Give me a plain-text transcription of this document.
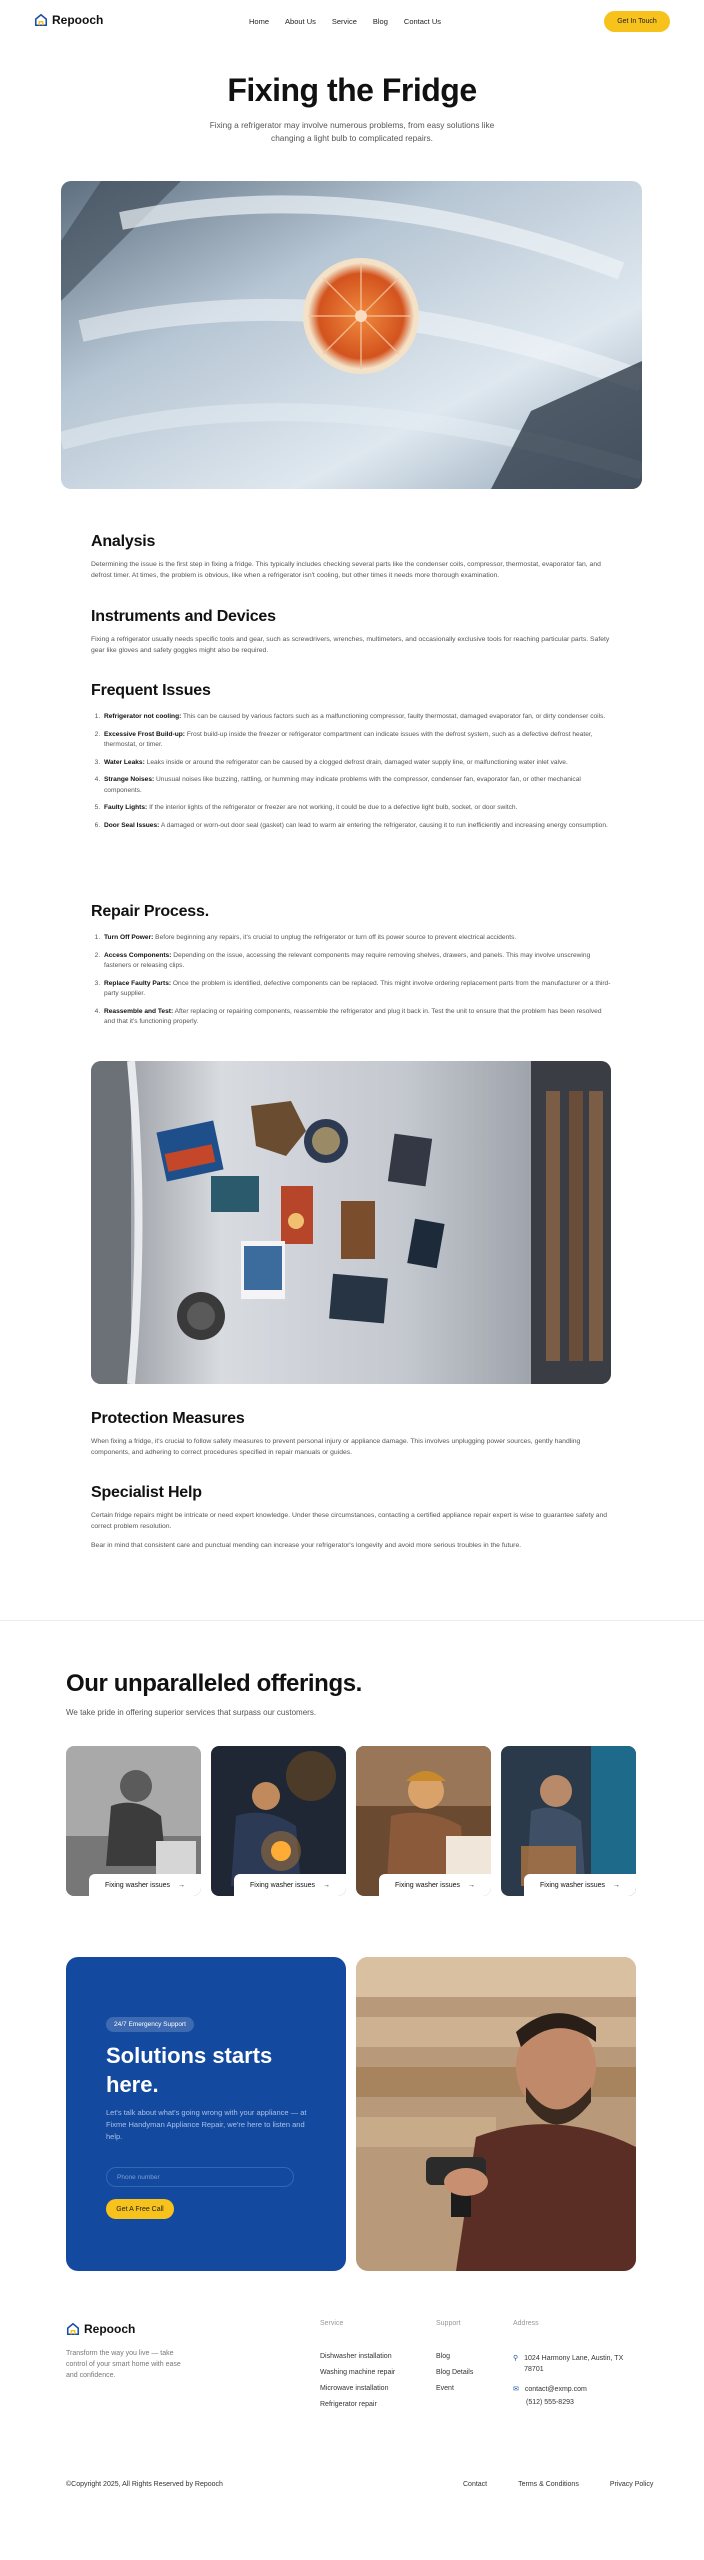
Repooch	Home About Us Service Blog Contact Us	Get In Touch
Fixing the Fridge

Fixing a refrigerator may involve numerous problems, from easy solutions like changing a light bulb to complicated repairs.

Analysis

Determining the issue is the first step in fixing a fridge. This typically includes checking several parts like the condenser coils, compressor, thermostat, evaporator fan, and defrost timer. At times, the problem is obvious, like when a refrigerator isn't cooling, but other times it needs more thorough examination.

Instruments and Devices

Fixing a refrigerator usually needs specific tools and gear, such as screwdrivers, wrenches, multimeters, and occasionally exclusive tools for reaching particular parts. Safety gear like gloves and safety goggles might also be required.

Frequent Issues
1. Refrigerator not cooling: This can be caused by various factors such as a malfunctioning compressor, faulty thermostat, damaged evaporator fan, or dirty condenser coils.
2. Excessive Frost Build-up: Frost build-up inside the freezer or refrigerator compartment can indicate issues with the defrost system, such as a defective defrost heater, thermostat, or timer.
3. Water Leaks: Leaks inside or around the refrigerator can be caused by a clogged defrost drain, damaged water supply line, or malfunctioning water inlet valve.
4. Strange Noises: Unusual noises like buzzing, rattling, or humming may indicate problems with the compressor, condenser fan, evaporator fan, or other mechanical components.
5. Faulty Lights: If the interior lights of the refrigerator or freezer are not working, it could be due to a defective light bulb, socket, or door switch.
6. Door Seal Issues: A damaged or worn-out door seal (gasket) can lead to warm air entering the refrigerator, causing it to run inefficiently and increasing energy consumption.
Repair Process.
1. Turn Off Power: Before beginning any repairs, it's crucial to unplug the refrigerator or turn off its power source to prevent electrical accidents.
2. Access Components: Depending on the issue, accessing the relevant components may require removing shelves, drawers, and panels. This may involve unscrewing fasteners or releasing clips.
3. Replace Faulty Parts: Once the problem is identified, defective components can be replaced. This might involve ordering replacement parts from the manufacturer or a third-party supplier.
4. Reassemble and Test: After replacing or repairing components, reassemble the refrigerator and plug it back in. Test the unit to ensure that the problem has been resolved and that it's functioning properly.
Protection Measures

When fixing a fridge, it's crucial to follow safety measures to prevent personal injury or appliance damage. This involves unplugging power sources, gently handling components, and adhering to correct procedures specified in repair manuals or guides.

Specialist Help

Certain fridge repairs might be intricate or need expert knowledge. Under these circumstances, contacting a certified appliance repair expert is wise to guarantee safety and correct problem resolution.

Bear in mind that consistent care and punctual mending can increase your refrigerator's longevity and avoid more serious troubles in the future.

Our unparalleled offerings.

We take pride in offering superior services that surpass our customers.

Fixing washer issues →	Fixing washer issues →	Fixing washer issues →	Fixing washer issues →
24/7 Emergency Support
Solutions starts here.

Let's talk about what's going wrong with your appliance — at Fixme Handyman Appliance Repair, we're here to listen and help.

Phone number
Get A Free Call
Repooch

Transform the way you live — take control of your smart home with ease and confidence.

Service
Dishwasher installation
Washing machine repair
Microwave installation
Refrigerator repair
Support
Blog
Blog Details
Event
Address
⚲ 1024 Harmony Lane, Austin, TX 78701
✉ contact@exmp.com
(512) 555-8293
©Copyright 2025, All Rights Reserved by Repooch	Contact	Terms & Conditions	Privacy Policy
